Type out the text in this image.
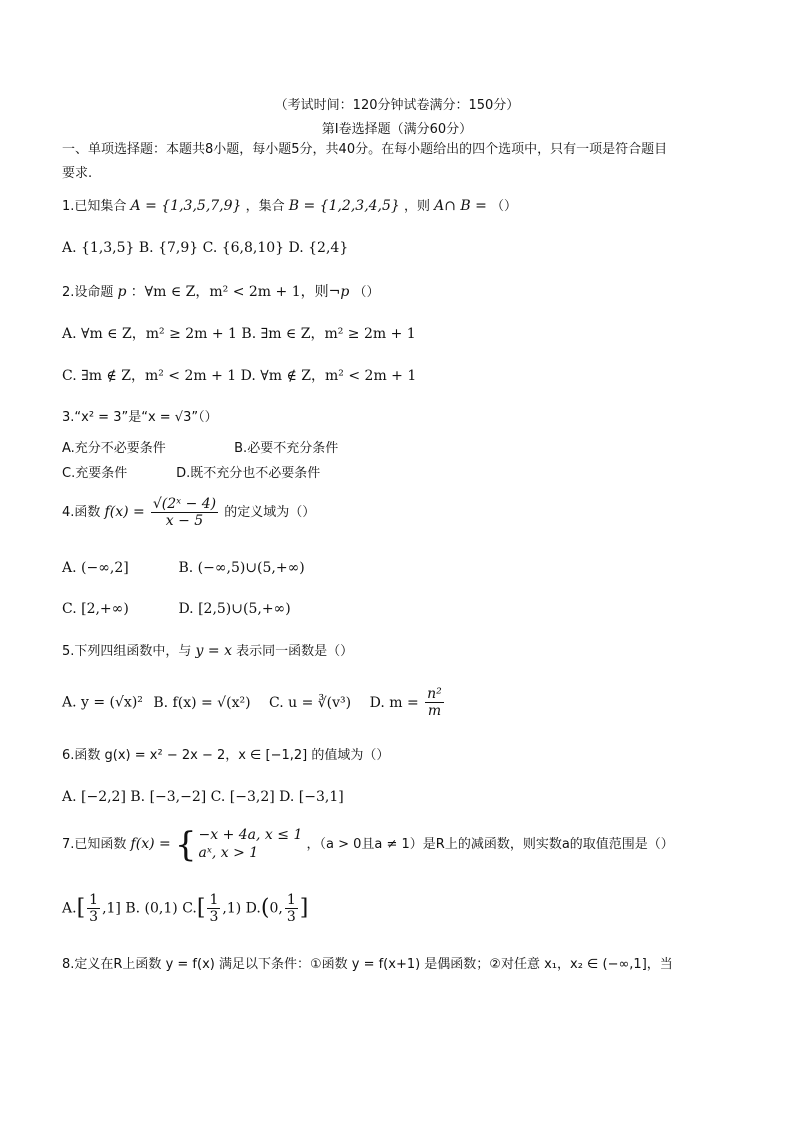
（考试时间：120分钟试卷满分：150分）
第Ⅰ卷选择题（满分60分）
一、单项选择题：本题共8小题，每小题5分，共40分。在每小题给出的四个选项中，只有一项是符合题目
要求.
1.已知集合 A = {1,3,5,7,9} ，集合 B = {1,2,3,4,5} ，则 A∩ B = （）
A. {1,3,5} B. {7,9} C. {6,8,10} D. {2,4}
2.设命题 p ：∀m ∈ Z，m² < 2m + 1，则¬p （）
A. ∀m ∈ Z，m² ≥ 2m + 1 B. ∃m ∈ Z，m² ≥ 2m + 1
C. ∃m ∉ Z，m² < 2m + 1 D. ∀m ∉ Z，m² < 2m + 1
3.“x² = 3”是“x = √3”（）
A.充分不必要条件	B.必要不充分条件
C.充要条件	D.既不充分也不必要条件
4.函数 $f(x) = \frac{\text{√(2ˣ − 4)}}{x - 5}$ 的定义域为（）
A. (−∞,2]	B. (−∞,5)∪(5,+∞)
C. [2,+∞)	D. [2,5)∪(5,+∞)
5.下列四组函数中，与 y = x 表示同一函数是（）
A. y = (√x)² B. f(x) = √(x²) C. u = ∛(v³) D. $m = \frac{\text{n²}}{m}$
6.函数 g(x) = x² − 2x − 2，x ∈ [−1,2] 的值域为（）
A. [−2,2] B. [−3,−2] C. [−3,2] D. [−3,1]
7.已知函数 f(x) = { −x + 4a, x ≤ 1
aˣ, x > 1	，（a > 0且a ≠ 1）是R上的减函数，则实数a的取值范围是（）
$A.[ \frac{1}{3} ,1]$ B. (0,1) $C.[ \frac{1}{3} ,1)$ D.(0, $\frac{1}{3}$ ]
8.定义在R上函数 y = f(x) 满足以下条件：①函数 y = f(x+1) 是偶函数；②对任意 x₁，x₂ ∈ (−∞,1]，当
